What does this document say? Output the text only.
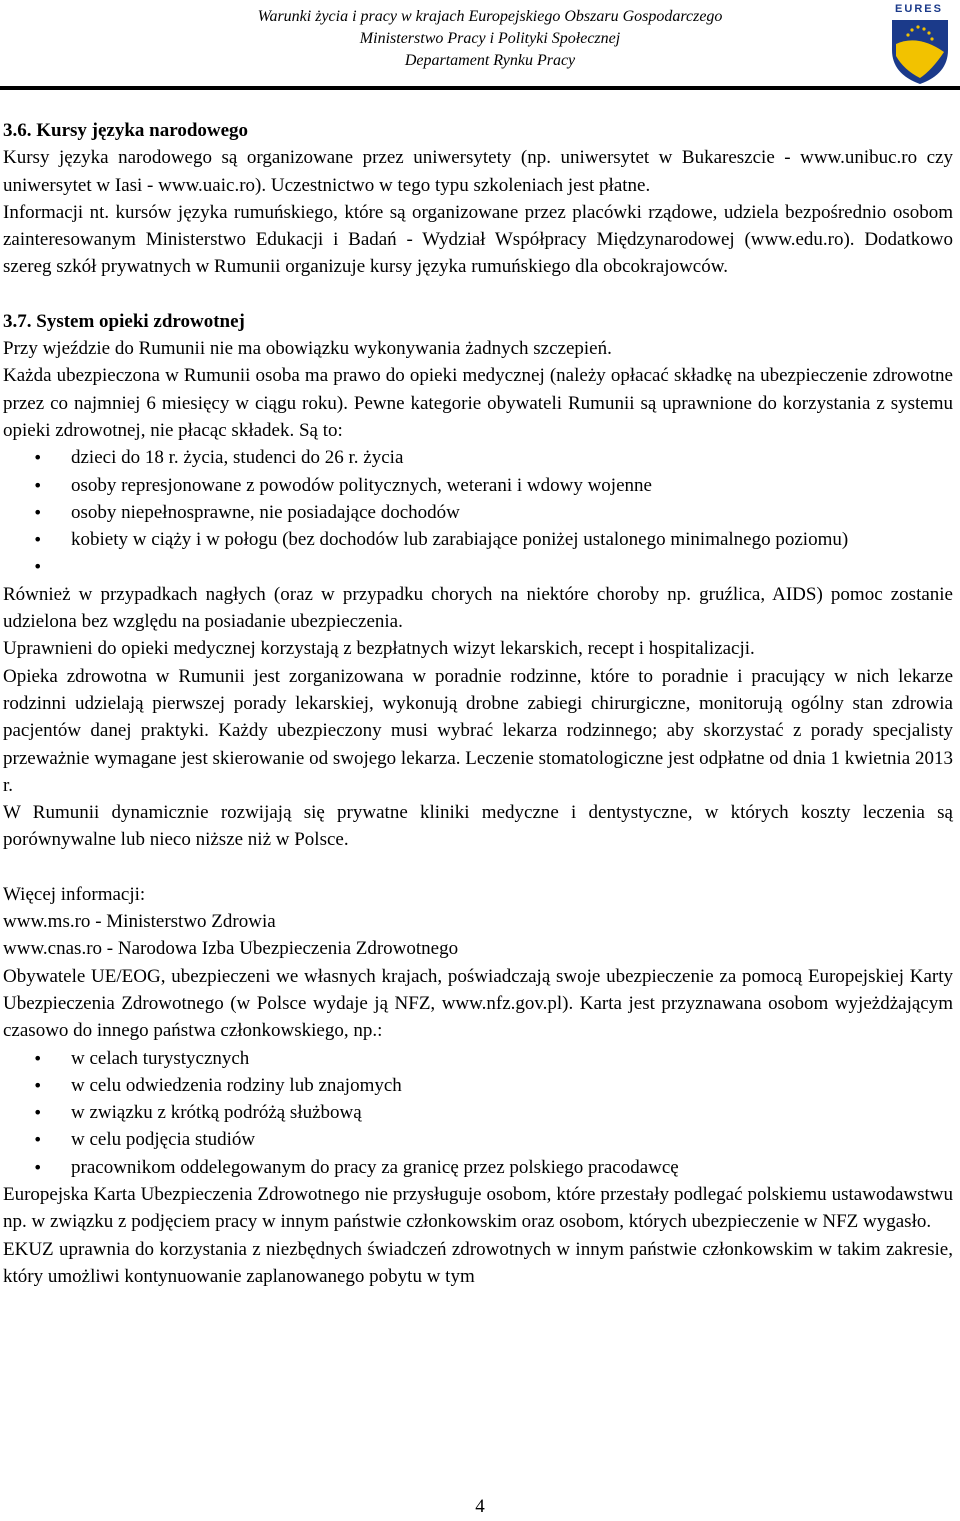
Warunki życia i pracy w krajach Europejskiego Obszaru Gospodarczego
Ministerstwo Pracy i Polityki Społecznej
Departament Rynku Pracy
EURES

3.6. Kursy języka narodowego

Kursy języka narodowego są organizowane przez uniwersytety (np. uniwersytet w Bukareszcie - www.unibuc.ro czy uniwersytet w Iasi - www.uaic.ro). Uczestnictwo w tego typu szkoleniach jest płatne.

Informacji nt. kursów języka rumuńskiego, które są organizowane przez placówki rządowe, udziela bezpośrednio osobom zainteresowanym Ministerstwo Edukacji i Badań - Wydział Współpracy Międzynarodowej (www.edu.ro). Dodatkowo szereg szkół prywatnych w Rumunii organizuje kursy języka rumuńskiego dla obcokrajowców.

3.7. System opieki zdrowotnej

Przy wjeździe do Rumunii nie ma obowiązku wykonywania żadnych szczepień.

Każda ubezpieczona w Rumunii osoba ma prawo do opieki medycznej (należy opłacać składkę na ubezpieczenie zdrowotne przez co najmniej 6 miesięcy w ciągu roku). Pewne kategorie obywateli Rumunii są uprawnione do korzystania z systemu opieki zdrowotnej, nie płacąc składek. Są to:

• dzieci do 18 r. życia, studenci do 26 r. życia
• osoby represjonowane z powodów politycznych, weterani i wdowy wojenne
• osoby niepełnosprawne, nie posiadające dochodów
• kobiety w ciąży i w połogu (bez dochodów lub zarabiające poniżej ustalonego minimalnego poziomu)
•

Również w przypadkach nagłych (oraz w przypadku chorych na niektóre choroby np. gruźlica, AIDS) pomoc zostanie udzielona bez względu na posiadanie ubezpieczenia.

Uprawnieni do opieki medycznej korzystają z bezpłatnych wizyt lekarskich, recept i hospitalizacji.

Opieka zdrowotna w Rumunii jest zorganizowana w poradnie rodzinne, które to poradnie i pracujący w nich lekarze rodzinni udzielają pierwszej porady lekarskiej, wykonują drobne zabiegi chirurgiczne, monitorują ogólny stan zdrowia pacjentów danej praktyki. Każdy ubezpieczony musi wybrać lekarza rodzinnego; aby skorzystać z porady specjalisty przeważnie wymagane jest skierowanie od swojego lekarza. Leczenie stomatologiczne jest odpłatne od dnia 1 kwietnia 2013 r.

W Rumunii dynamicznie rozwijają się prywatne kliniki medyczne i dentystyczne, w których koszty leczenia są porównywalne lub nieco niższe niż w Polsce.

Więcej informacji:

www.ms.ro - Ministerstwo Zdrowia

www.cnas.ro - Narodowa Izba Ubezpieczenia Zdrowotnego

Obywatele UE/EOG, ubezpieczeni we własnych krajach, poświadczają swoje ubezpieczenie za pomocą Europejskiej Karty Ubezpieczenia Zdrowotnego (w Polsce wydaje ją NFZ, www.nfz.gov.pl). Karta jest przyznawana osobom wyjeżdżającym czasowo do innego państwa członkowskiego, np.:

• w celach turystycznych
• w celu odwiedzenia rodziny lub znajomych
• w związku z krótką podróżą służbową
• w celu podjęcia studiów
• pracownikom oddelegowanym do pracy za granicę przez polskiego pracodawcę

Europejska Karta Ubezpieczenia Zdrowotnego nie przysługuje osobom, które przestały podlegać polskiemu ustawodawstwu np. w związku z podjęciem pracy w innym państwie członkowskim oraz osobom, których ubezpieczenie w NFZ wygasło.

EKUZ uprawnia do korzystania z niezbędnych świadczeń zdrowotnych w innym państwie członkowskim w takim zakresie, który umożliwi kontynuowanie zaplanowanego pobytu w tym

4
